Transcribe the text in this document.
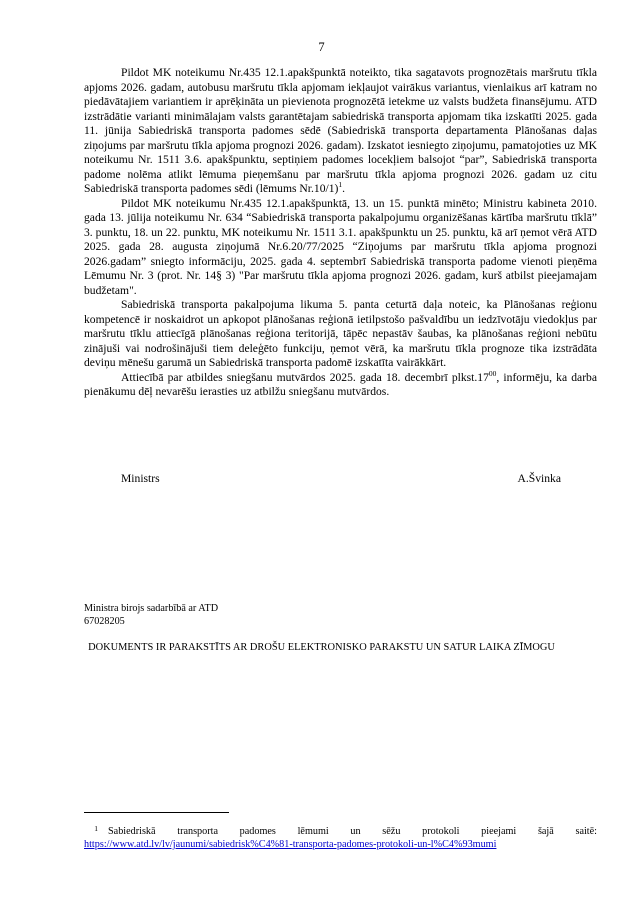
7

Pildot MK noteikumu Nr.435 12.1.apakšpunktā noteikto, tika sagatavots prognozētais maršrutu tīkla apjoms 2026. gadam, autobusu maršrutu tīkla apjomam iekļaujot vairākus variantus, vienlaikus arī katram no piedāvātajiem variantiem ir aprēķināta un pievienota prognozētā ietekme uz valsts budžeta finansējumu. ATD izstrādātie varianti minimālajam valsts garantētajam sabiedriskā transporta apjomam tika izskatīti 2025. gada 11. jūnija Sabiedriskā transporta padomes sēdē (Sabiedriskā transporta departamenta Plānošanas daļas ziņojums par maršrutu tīkla apjoma prognozi 2026. gadam). Izskatot iesniegto ziņojumu, pamatojoties uz MK noteikumu Nr. 1511 3.6. apakšpunktu, septiņiem padomes locekļiem balsojot “par”, Sabiedriskā transporta padome nolēma atlikt lēmuma pieņemšanu par maršrutu tīkla apjoma prognozi 2026. gadam uz citu Sabiedriskā transporta padomes sēdi (lēmums Nr.10/1)$^1$.

Pildot MK noteikumu Nr.435 12.1.apakšpunktā, 13. un 15. punktā minēto; Ministru kabineta 2010. gada 13. jūlija noteikumu Nr. 634 “Sabiedriskā transporta pakalpojumu organizēšanas kārtība maršrutu tīklā” 3. punktu, 18. un 22. punktu, MK noteikumu Nr. 1511 3.1. apakšpunktu un 25. punktu, kā arī ņemot vērā ATD 2025. gada 28. augusta ziņojumā Nr.6.20/77/2025 “Ziņojums par maršrutu tīkla apjoma prognozi 2026.gadam” sniegto informāciju, 2025. gada 4. septembrī Sabiedriskā transporta padome vienoti pieņēma Lēmumu Nr. 3 (prot. Nr. 14§ 3) "Par maršrutu tīkla apjoma prognozi 2026. gadam, kurš atbilst pieejamajam budžetam".

Sabiedriskā transporta pakalpojuma likuma 5. panta ceturtā daļa noteic, ka Plānošanas reģionu kompetencē ir noskaidrot un apkopot plānošanas reģionā ietilpstošo pašvaldību un iedzīvotāju viedokļus par maršrutu tīklu attiecīgā plānošanas reģiona teritorijā, tāpēc nepastāv šaubas, ka plānošanas reģioni nebūtu zinājuši vai nodrošinājuši tiem deleģēto funkciju, ņemot vērā, ka maršrutu tīkla prognoze tika izstrādāta deviņu mēnešu garumā un Sabiedriskā transporta padomē izskatīta vairākkārt.

Attiecībā par atbildes sniegšanu mutvārdos 2025. gada 18. decembrī $plkst.17^{00}$, informēju, ka darba pienākumu dēļ nevarēšu ierasties uz atbilžu sniegšanu mutvārdos.

Ministrs	A.Švinka
Ministra birojs sadarbībā ar ATD
67028205
DOKUMENTS IR PARAKSTĪTS AR DROŠU ELEKTRONISKO PARAKSTU UN SATUR LAIKA ZĪMOGU
1 Sabiedriskā transporta padomes lēmumi un sēžu protokoli pieejami šajā saitē:
https://www.atd.lv/lv/jaunumi/sabiedrisk%C4%81-transporta-padomes-protokoli-un-l%C4%93mumi
